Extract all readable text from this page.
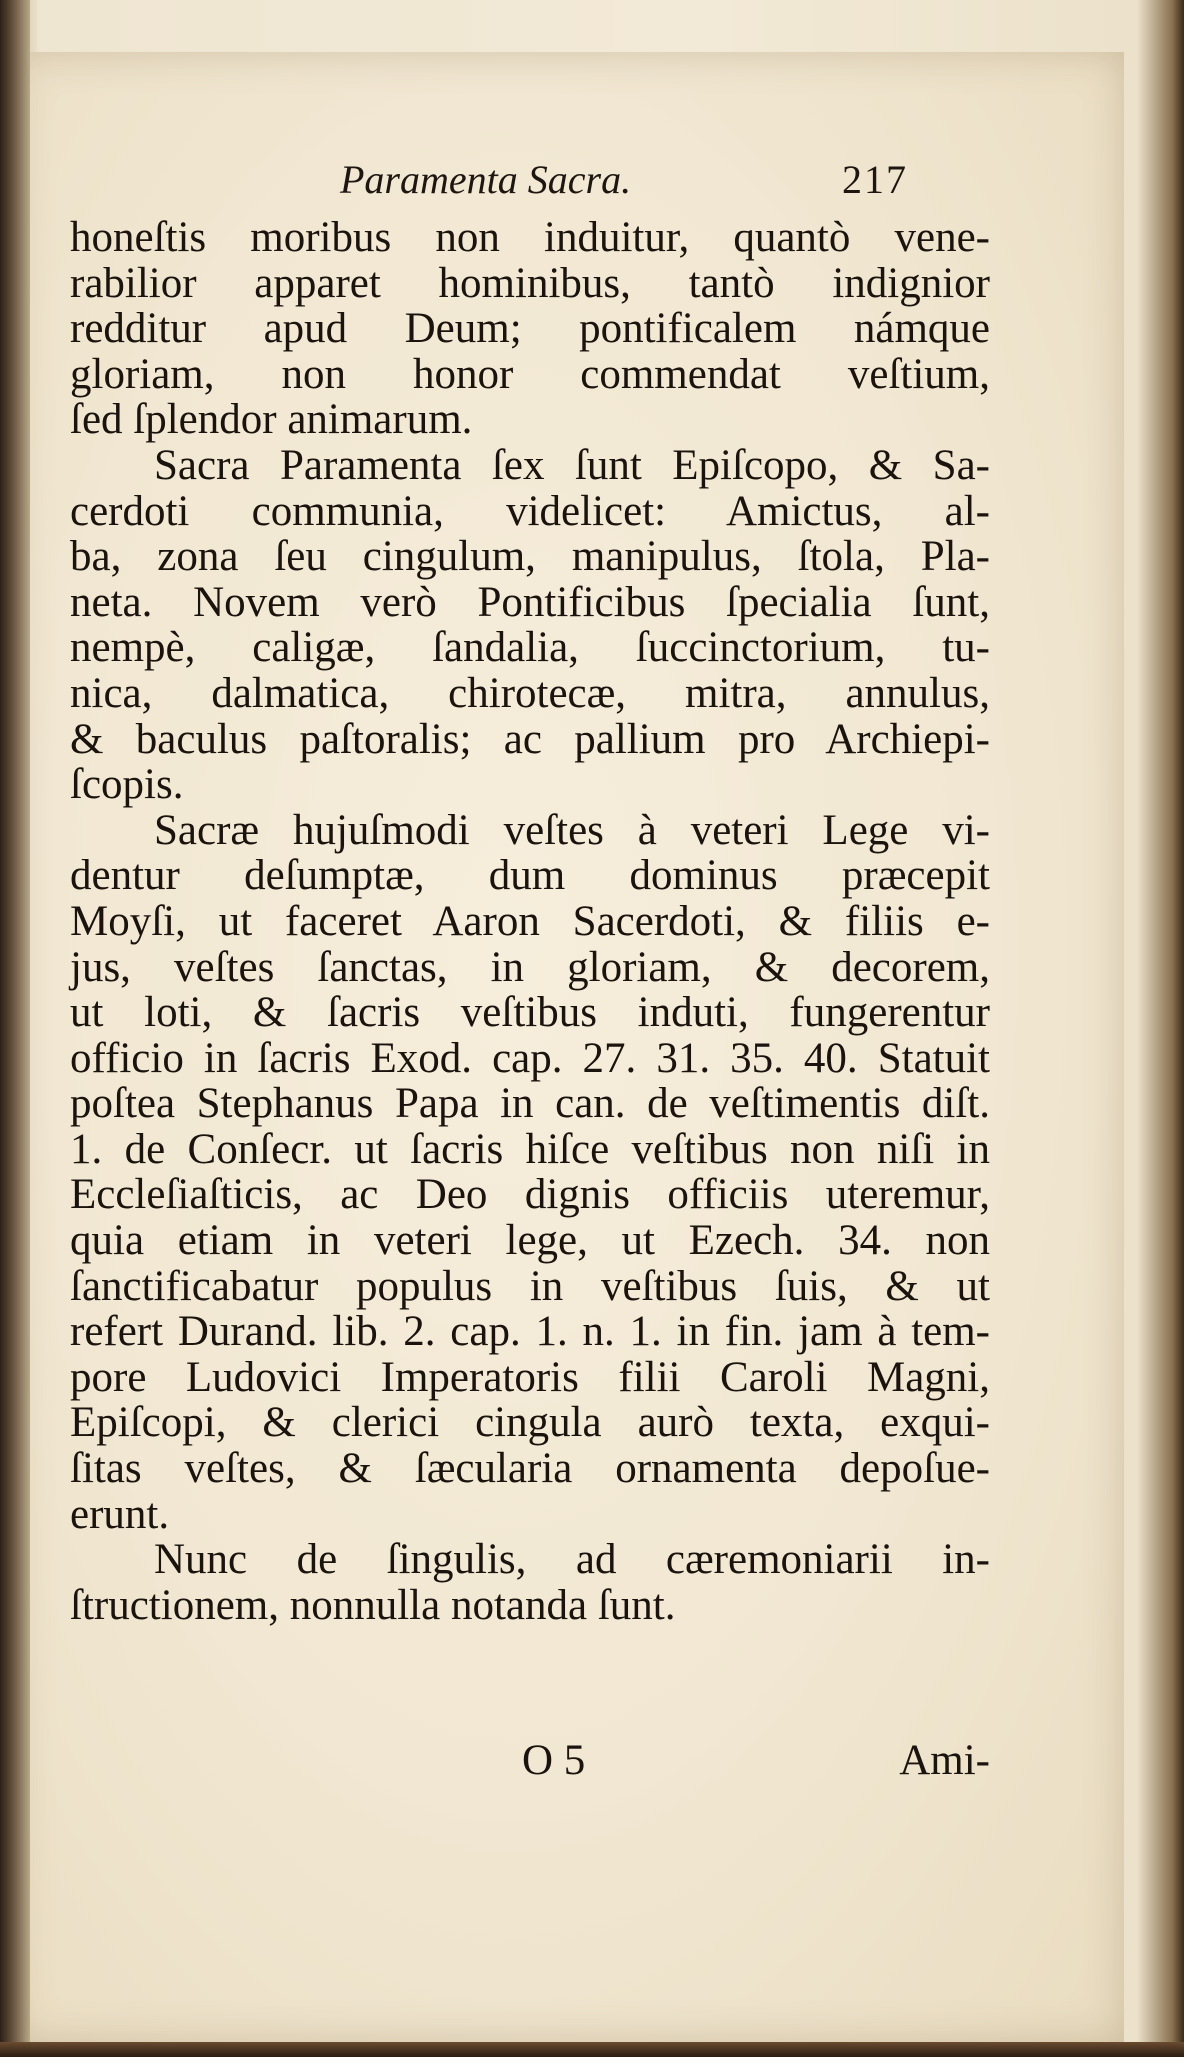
Paramenta Sacra.	217
honeſtis moribus non induitur, quantò vene-
rabilior apparet hominibus, tantò indignior
redditur apud Deum; pontificalem námque
gloriam, non honor commendat veſtium,
ſed ſplendor animarum.
Sacra Paramenta ſex ſunt Epiſcopo, & Sa-
cerdoti communia, videlicet: Amictus, al-
ba, zona ſeu cingulum, manipulus, ſtola, Pla-
neta. Novem verò Pontificibus ſpecialia ſunt,
nempè, caligæ, ſandalia, ſuccinctorium, tu-
nica, dalmatica, chirotecæ, mitra, annulus,
& baculus paſtoralis; ac pallium pro Archiepi-
ſcopis.
Sacræ hujuſmodi veſtes à veteri Lege vi-
dentur deſumptæ, dum dominus præcepit
Moyſi, ut faceret Aaron Sacerdoti, & filiis e-
jus, veſtes ſanctas, in gloriam, & decorem,
ut loti, & ſacris veſtibus induti, fungerentur
officio in ſacris Exod. cap. 27. 31. 35. 40. Statuit
poſtea Stephanus Papa in can. de veſtimentis diſt.
1. de Conſecr. ut ſacris hiſce veſtibus non niſi in
Eccleſiaſticis, ac Deo dignis officiis uteremur,
quia etiam in veteri lege, ut Ezech. 34. non
ſanctificabatur populus in veſtibus ſuis, & ut
refert Durand. lib. 2. cap. 1. n. 1. in fin. jam à tem-
pore Ludovici Imperatoris filii Caroli Magni,
Epiſcopi, & clerici cingula aurò texta, exqui-
ſitas veſtes, & ſæcularia ornamenta depoſue-
erunt.
Nunc de ſingulis, ad cæremoniarii in-
ſtructionem, nonnulla notanda ſunt.
O 5	Ami-
